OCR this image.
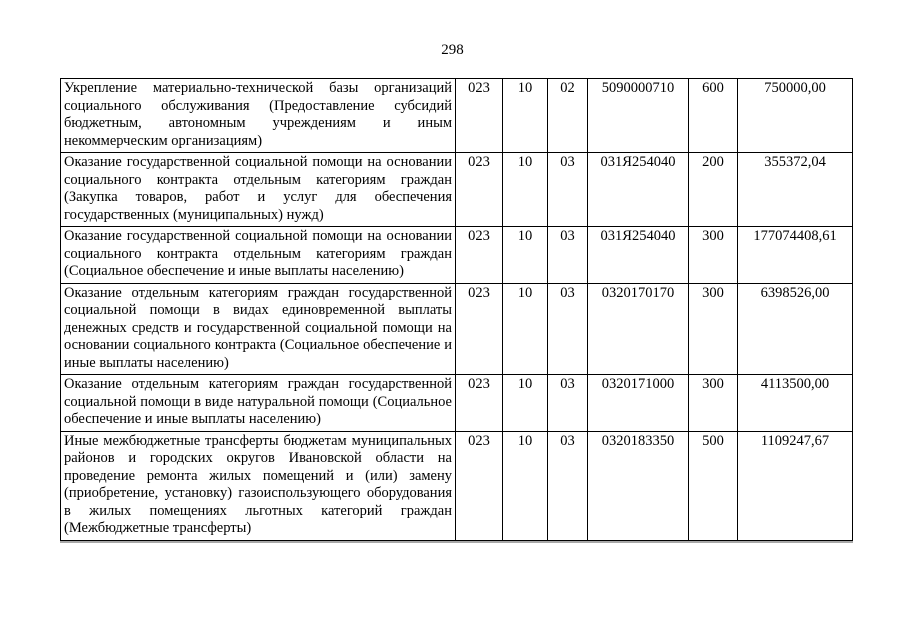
298
Укрепление материально-технической базы организаций социального обслуживания (Предоставление субсидий бюджетным, автономным учреждениям и иным некоммерческим организациям)	023	10	02	5090000710	600	750000,00
Оказание государственной социальной помощи на основании социального контракта отдельным категориям граждан (Закупка товаров, работ и услуг для обеспечения государственных (муниципальных) нужд)	023	10	03	031Я254040	200	355372,04
Оказание государственной социальной помощи на основании социального контракта отдельным категориям граждан (Социальное обеспечение и иные выплаты населению)	023	10	03	031Я254040	300	177074408,61
Оказание отдельным категориям граждан государственной социальной помощи в видах единовременной выплаты денежных средств и государственной социальной помощи на основании социального контракта (Социальное обеспечение и иные выплаты населению)	023	10	03	0320170170	300	6398526,00
Оказание отдельным категориям граждан государственной социальной помощи в виде натуральной помощи (Социальное обеспечение и иные выплаты населению)	023	10	03	0320171000	300	4113500,00
Иные межбюджетные трансферты бюджетам муниципальных районов и городских округов Ивановской области на проведение ремонта жилых помещений и (или) замену (приобретение, установку) газоиспользующего оборудования в жилых помещениях льготных категорий граждан (Межбюджетные трансферты)	023	10	03	0320183350	500	1109247,67
